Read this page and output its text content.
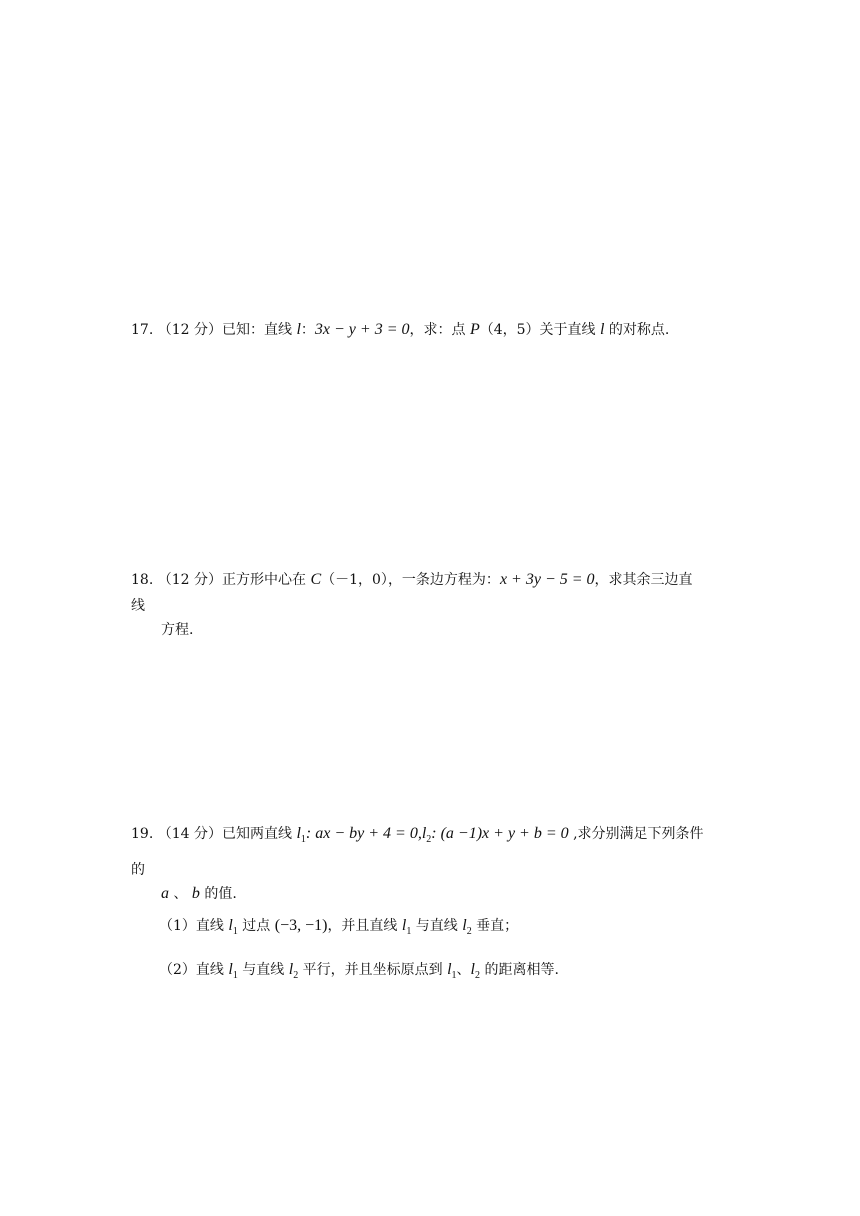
17. （12 分）已知：直线 l：3x − y + 3 = 0，求：点 P（4，5）关于直线 l 的对称点.
18. （12 分）正方形中心在 C（－1，0），一条边方程为：x + 3y − 5 = 0，求其余三边直
线
方程.
19. （14 分）已知两直线 $l_1$: ax − by + $4 = 0,l_2$: (a −1)x + y + b = 0 ,求分别满足下列条件
的
a 、 b 的值.
（1）直线 $l_1$ 过点 (−3, −1)，并且直线 $l_1$ 与直线 $l_2$ 垂直；
（2）直线 $l_1$ 与直线 $l_2$ 平行，并且坐标原点到 $l_1$、$l_2$ 的距离相等.
